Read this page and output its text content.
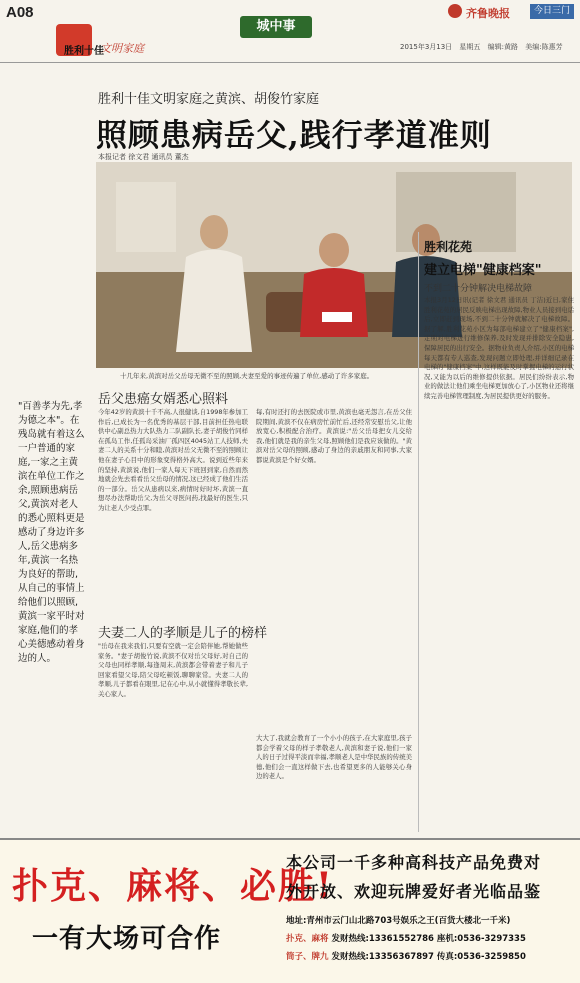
A08
胜利十佳
文明家庭
城中事
齐鲁晚报	今日三门
2015年3月13日 星期五 编辑:黄路 美编:陈惠芳
胜利十佳文明家庭之黄滨、胡俊竹家庭
照顾患病岳父,践行孝道准则
本报记者 徐文君 通讯员 董杰
十几年来,黄滨对岳父岳母无微不至的照顾,夫妻至爱的事迹传遍了单位,感动了许多家庭。
"百善孝为先,孝为德之本"。在残岛就有着这么一户普通的家庭,一家之主黄滨在单位工作之余,照顾患病岳父,黄滨对老人的悉心照料更是感动了身边许多人,岳父患病多年,黄滨一名热为良好的帮助,从自己的事情上给他们以照顾,黄滨一家平时对家庭,他们的孝心美德感动着身边的人。
岳父患癌女婿悉心照料
今年42岁的黄滨十千不高,人很健谈,自1998年参加工作后,已成长为一名优秀的基层干部,目前担任热电联供中心副总热力大队热力二队副队长,妻子胡俊竹同样在孤岛工作,任孤岛采油厂孤四区4045站工人技师,夫妻二人的关系十分和睦,黄滨对岳父无微不至的照顾让他在妻子心目中的形象变得格外高大。说到近些年来的坚持,黄滨说,他们一家人每天下班回到家,自然而然地就会先去看看岳父岳母的情况,这已经成了他们生活的一部分。岳父从患病以来,病情时好时坏,黄滨一直想尽办法帮助岳父,为岳父寻医问药,找最好的医生,只为让老人少受点罪。
每,有时还打的去医院或市里,黄滨也毫无怨言,在岳父住院期间,黄滨不仅在病房忙前忙后,还经常安慰岳父,让他放宽心,积极配合治疗。黄滨说:"岳父岳母把女儿交给我,他们就是我的亲生父母,照顾他们是我应该做的。"黄滨对岳父母的照顾,感动了身边的亲戚朋友和同事,大家都说黄滨是个好女婿。
夫妻二人的孝顺是儿子的榜样
"岳母在我来我们,只要有空就一定会陪伴她,帮她做些家务。"妻子胡俊竹说,黄滨不仅对岳父母好,对自己的父母也同样孝顺,每逢周末,黄滨都会带着妻子和儿子回家看望父母,陪父母吃顿饭,聊聊家常。夫妻二人的孝顺,儿子都看在眼里,记在心中,从小就懂得孝敬长辈,关心家人。
大大了,我就会教育了一个小小的孩子,在大家庭里,孩子都会学着父母的样子孝敬老人,黄滨和妻子说,他们一家人的日子过得平淡而幸福,孝顺老人是中华民族的传统美德,他们会一直这样做下去,也希望更多的人能够关心身边的老人。
胜利花苑
建立电梯"健康档案"
不到二十分钟解决电梯故障
本报3月12日讯(记者 徐文君 通讯员 丁洁)近日,家住胜利花苑的居民反映电梯出现故障,物业人员接到电话后,立即赶到现场,不到二十分钟就解决了电梯故障。据了解,胜利花苑小区为每部电梯建立了"健康档案",定期对电梯进行维修保养,及时发现并排除安全隐患,保障居民的出行安全。据物业负责人介绍,小区的电梯每天都有专人巡查,发现问题立即处理,并详细记录在电梯的"健康档案"中,这样既能及时掌握电梯的运行状况,又能为以后的维修提供依据。居民们纷纷表示,物业的做法让他们乘坐电梯更加放心了,小区物业还将继续完善电梯管理制度,为居民提供更好的服务。
扑克、麻将、必胜!
一有大场可合作
本公司一千多种高科技产品免费对
外开放、欢迎玩牌爱好者光临品鉴
地址:青州市云门山北路703号娱乐之王(百货大楼北一千米)
扑克、麻将 发财热线:13361552786 座机:0536-3297335
筒子、牌九 发财热线:13356367897 传真:0536-3259850
